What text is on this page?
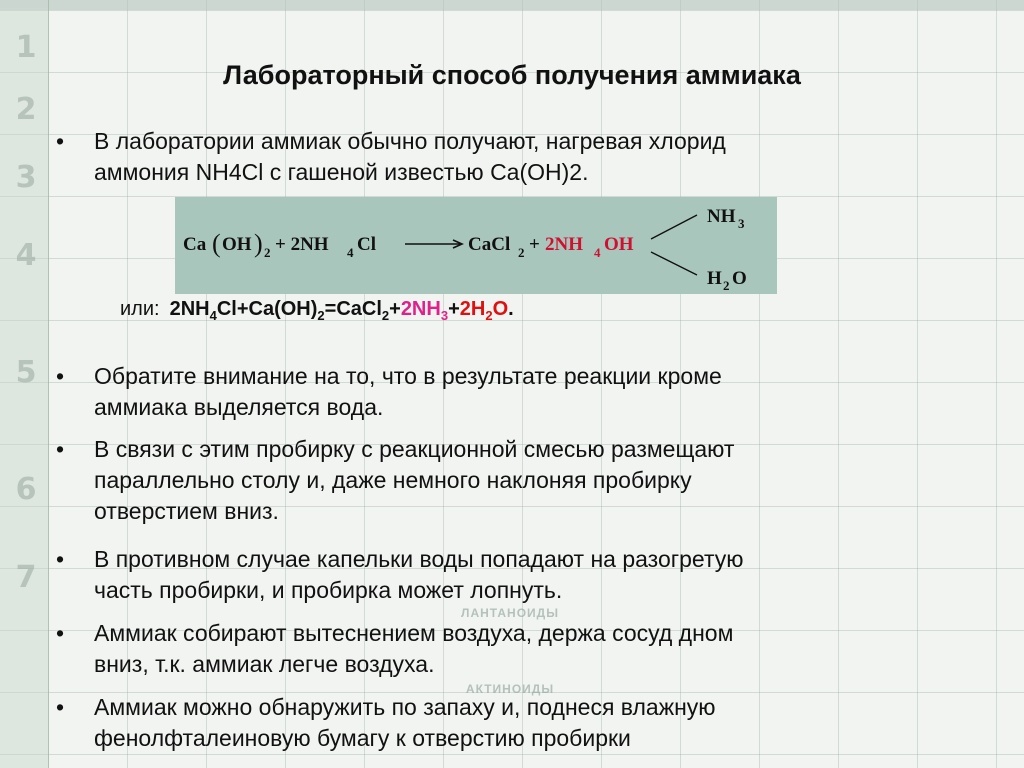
1
2
3
4
5
6
7
ЛАНТАНОИДЫ
АКТИНОИДЫ
Лабораторный способ получения аммиака
•	В лаборатории аммиак обычно получают, нагревая хлорид
аммония NH4Cl с гашеной известью Ca(OH)2.
Ca ( OH ) 2 + 2NH 4 Cl	CaCl 2 + 2NH 4 OH
NH 3
H 2 O
или: $2NH_4Cl+Ca(OH)_2=CaCl_2+2NH_3+2H_2O$.
•	Обратите внимание на то, что в результате реакции кроме
аммиака выделяется вода.
•	В связи с этим пробирку с реакционной смесью размещают
параллельно столу и, даже немного наклоняя пробирку
отверстием вниз.
•	В противном случае капельки воды попадают на разогретую
часть пробирки, и пробирка может лопнуть.
•	Аммиак собирают вытеснением воздуха, держа сосуд дном
вниз, т.к. аммиак легче воздуха.
•	Аммиак можно обнаружить по запаху и, поднеся влажную
фенолфталеиновую бумагу к отверстию пробирки
